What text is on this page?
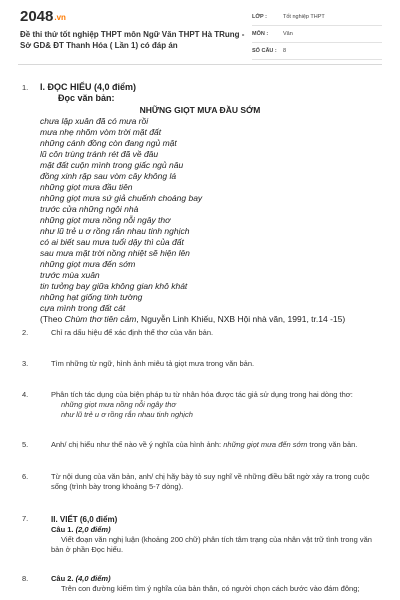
2048.vn
Đề thi thử tốt nghiệp THPT môn Ngữ Văn THPT Hà TRung - Sở GD& ĐT Thanh Hóa ( Lần 1) có đáp án
LỚP :	Tốt nghiệp THPT
MÔN :	Văn
SỐ CÂU : 8
1. I. ĐỌC HIỂU (4,0 điểm)
Đọc văn bản:
NHỮNG GIỌT MƯA ĐẦU SỚM
chưa lập xuân đã có mưa rồi
mưa nhẹ nhõm vòm trời mặt đất
những cánh đồng còn đang ngủ mật
lũ côn trùng tránh rét đã về đâu
mặt đất cuộn mình trong giấc ngủ nâu
đồng xinh rặp sau vòm cây không lá
những giọt mưa đầu tiên
những giọt mưa sứ giả chuếnh choáng bay
trước cửa những ngôi nhà
những giọt mưa nồng nỗi ngây thơ
như lũ trẻ u ơ rồng rắn nhau tinh nghịch
có ai biết sau mưa tuổi dậy thì của đất
sau mưa mặt trời nồng nhiệt sẽ hiện lên
những giọt mưa đến sớm
trước mùa xuân
tin tưởng bay giữa không gian khô khát
những hạt giống tinh tường
cựa mình trong đất cát
(Theo Chùm thơ tiên cảm, Nguyễn Linh Khiếu, NXB Hội nhà văn, 1991, tr.14 -15)
2.	Chỉ ra dấu hiệu để xác định thể thơ của văn bản.
3.	Tìm những từ ngữ, hình ảnh miêu tả giọt mưa trong văn bản.
4.	Phân tích tác dụng của biện pháp tu từ nhân hóa được tác giả sử dụng trong hai dòng thơ:
những giọt mưa nồng nỗi ngây thơ
như lũ trẻ u ơ rồng rắn nhau tinh nghịch
5.	Anh/ chị hiểu như thế nào về ý nghĩa của hình ảnh: những giọt mưa đến sớm trong văn bản.
6.	Từ nội dung của văn bản, anh/ chị hãy bày tỏ suy nghĩ về những điều bất ngờ xảy ra trong cuộc sống (trình bày trong khoảng 5-7 dòng).
7.	II. VIẾT (6,0 điểm)
Câu 1. (2,0 điểm)
Viết đoạn văn nghị luận (khoảng 200 chữ) phân tích tâm trạng của nhân vật trữ tình trong văn bản ở phần Đọc hiểu.
8.	Câu 2. (4,0 điểm)
Trên con đường kiếm tìm ý nghĩa của bản thân, có người chọn cách bước vào đám đông;
